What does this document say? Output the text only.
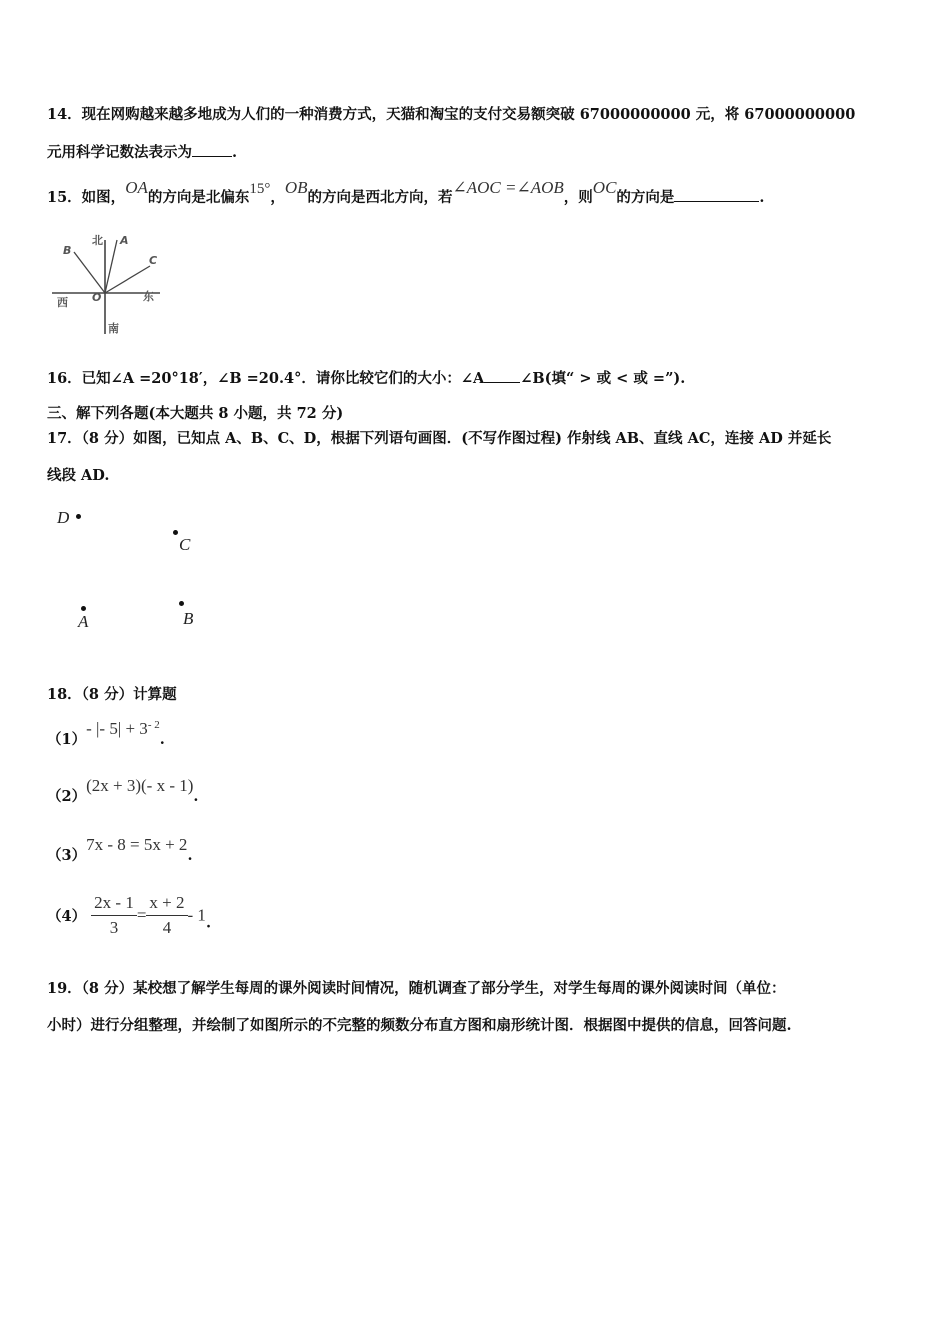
14．现在网购越来越多地成为人们的一种消费方式，天猫和淘宝的支付交易额突破 67000000000 元，将 67000000000
元用科学记数法表示为	.
15．如图，OA的方向是北偏东15°，OB的方向是西北方向，若∠AOC =∠AOB，则OC的方向是	.
北 A
B
C
西 O	东
南
16．已知∠A =20°18′，∠B =20.4°．请你比较它们的大小：∠A ∠B(填“ > 或 < 或 =”).
三、解下列各题(本大题共 8 小题，共 72 分)
17．（8 分）如图，已知点 A、B、C、D，根据下列语句画图．(不写作图过程) 作射线 AB、直线 AC，连接 AD 并延长
线段 AD.
D
C
A	B
18．（8 分）计算题
（1）- |- $5| + 3^{- 2}$.
（2）(2x + 3)(- x - 1).
（3）7x - 8 = 5x + 2.
$(4) \frac{2x - 1}{3} = \frac{x + 2}{4} - 1$.
19．（8 分）某校想了解学生每周的课外阅读时间情况，随机调查了部分学生，对学生每周的课外阅读时间（单位：
小时）进行分组整理，并绘制了如图所示的不完整的频数分布直方图和扇形统计图．根据图中提供的信息，回答问题.
